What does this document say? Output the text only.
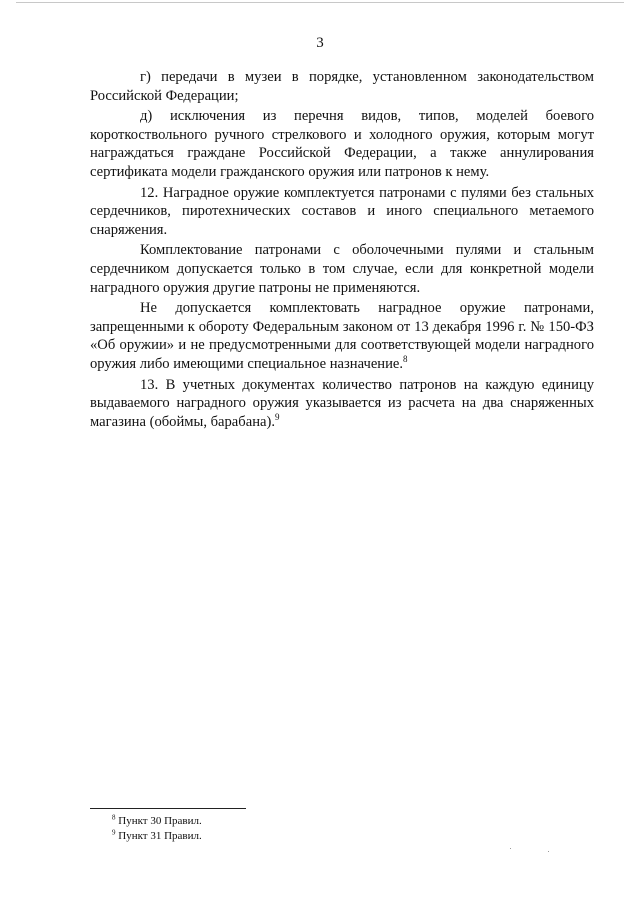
3

г) передачи в музеи в порядке, установленном законодательством Российской Федерации;

д) исключения из перечня видов, типов, моделей боевого короткоствольного ручного стрелкового и холодного оружия, которым могут награждаться граждане Российской Федерации, а также аннулирования сертификата модели гражданского оружия или патронов к нему.

12. Наградное оружие комплектуется патронами с пулями без стальных сердечников, пиротехнических составов и иного специального метаемого снаряжения.

Комплектование патронами с оболочечными пулями и стальным сердечником допускается только в том случае, если для конкретной модели наградного оружия другие патроны не применяются.

Не допускается комплектовать наградное оружие патронами, запрещенными к обороту Федеральным законом от 13 декабря 1996 г. № 150-ФЗ «Об оружии» и не предусмотренными для соответствующей модели наградного оружия либо имеющими специальное назначение.$^8$

13. В учетных документах количество патронов на каждую единицу выдаваемого наградного оружия указывается из расчета на два снаряженных магазина (обоймы, барабана).$^9$

$^8$ Пункт 30 Правил.
$^9$ Пункт 31 Правил.
